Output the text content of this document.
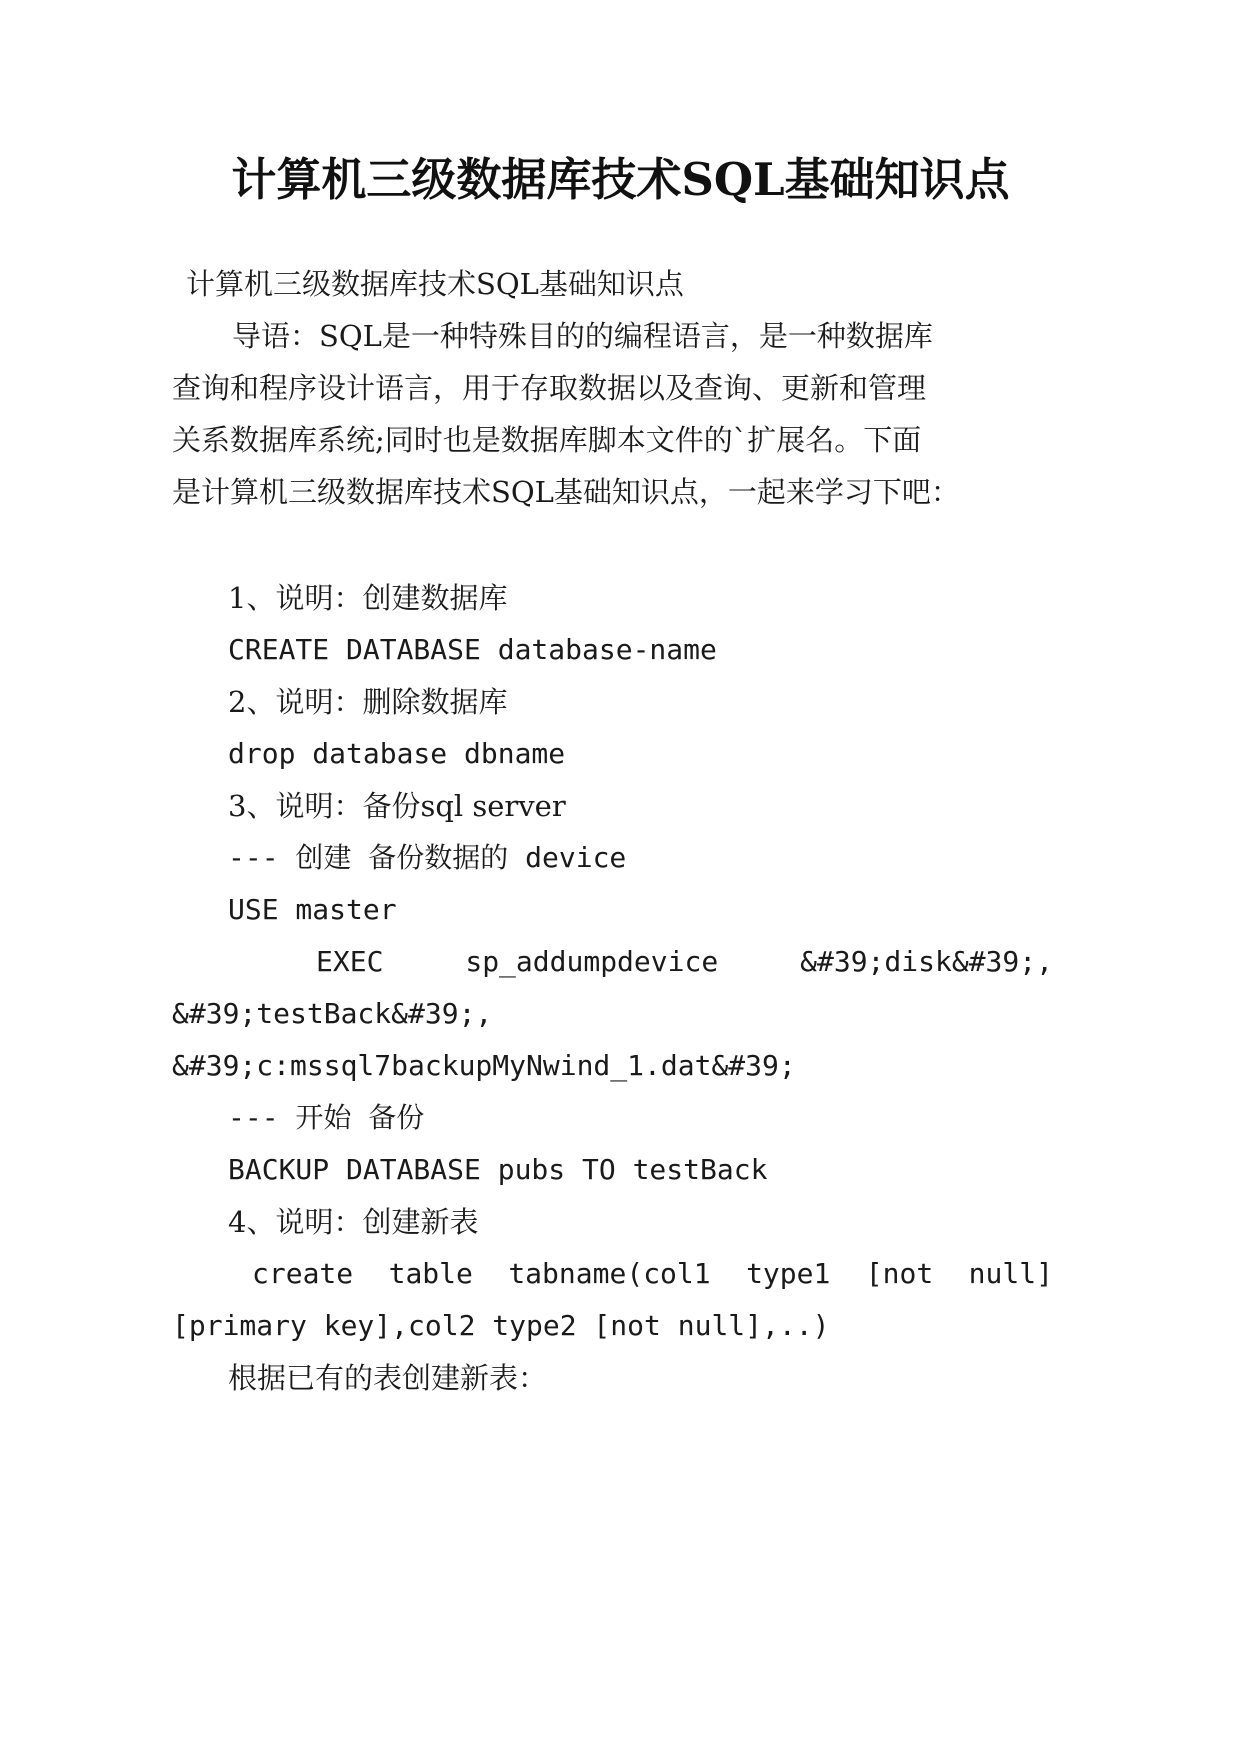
计算机三级数据库技术SQL基础知识点
计算机三级数据库技术SQL基础知识点
导语：SQL是一种特殊目的的编程语言，是一种数据库
查询和程序设计语言，用于存取数据以及查询、更新和管理
关系数据库系统;同时也是数据库脚本文件的`扩展名。下面
是计算机三级数据库技术SQL基础知识点，一起来学习下吧：
1、说明：创建数据库
CREATE DATABASE database-name
2、说明：删除数据库
drop database dbname
3、说明：备份sql server
--- 创建 备份数据的 device
USE master
EXEC	sp_addumpdevice	&#39;disk&#39;,
&#39;testBack&#39;,
&#39;c:mssql7backupMyNwind_1.dat&#39;
--- 开始 备份
BACKUP DATABASE pubs TO testBack
4、说明：创建新表
create table tabname(col1 type1 [not null]
[primary key],col2 type2 [not null],..)
根据已有的表创建新表：
